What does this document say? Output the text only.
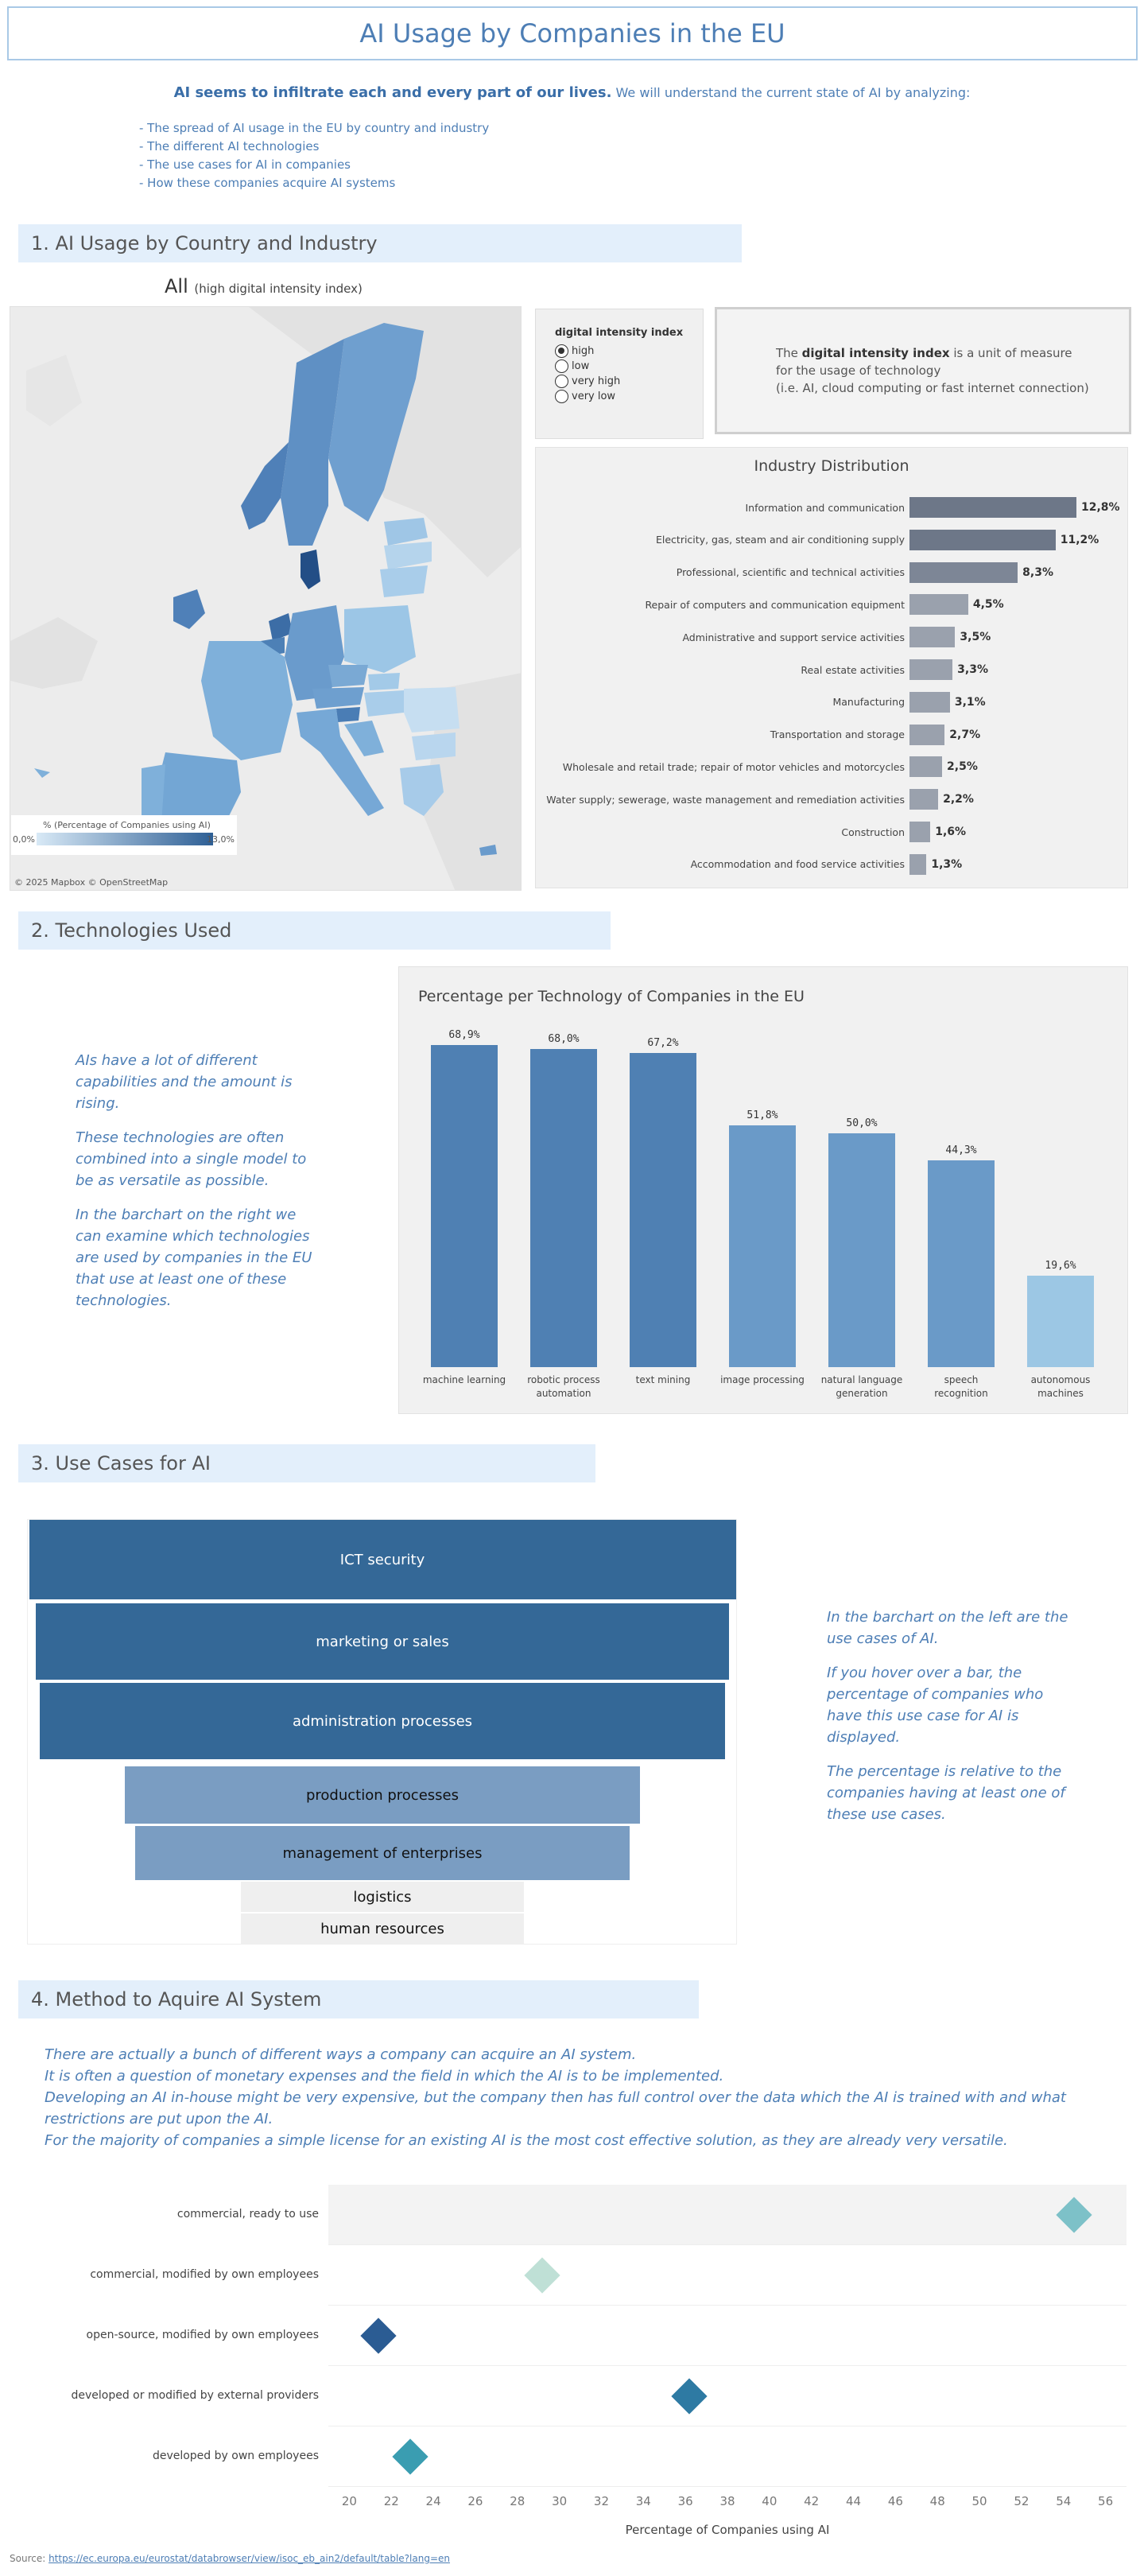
AI Usage by Companies in the EU
AI seems to infiltrate each and every part of our lives. We will understand the current state of AI by analyzing:
- The spread of AI usage in the EU by country and industry
- The different AI technologies
- The use cases for AI in companies
- How these companies acquire AI systems
1. AI Usage by Country and Industry
All (high digital intensity index)
% (Percentage of Companies using AI)
0,0%	13,0%
© 2025 Mapbox © OpenStreetMap
digital intensity index
high
low
very high
very low
The digital intensity index is a unit of measure
for the usage of technology
(i.e. AI, cloud computing or fast internet connection)
Industry Distribution
Information and communication	12,8%
Electricity, gas, steam and air conditioning supply	11,2%
Professional, scientific and technical activities	8,3%
Repair of computers and communication equipment	4,5%
Administrative and support service activities	3,5%
Real estate activities	3,3%
Manufacturing	3,1%
Transportation and storage	2,7%
Wholesale and retail trade; repair of motor vehicles and motorcycles	2,5%
Water supply; sewerage, waste management and remediation activities	2,2%
Construction	1,6%
Accommodation and food service activities	1,3%
2. Technologies Used

AIs have a lot of different capabilities and the amount is rising.

These technologies are often combined into a single model to be as versatile as possible.

In the barchart on the right we can examine which technologies are used by companies in the EU that use at least one of these technologies.

Percentage per Technology of Companies in the EU
68,9%
machine learning
68,0%
robotic process
automation
67,2%
text mining
51,8%
image processing
50,0%
natural language
generation
44,3%
speech recognition
19,6%
autonomous
machines
3. Use Cases for AI
ICT security
marketing or sales
administration processes
production processes
management of enterprises
logistics
human resources

In the barchart on the left are the use cases of AI.

If you hover over a bar, the percentage of companies who have this use case for AI is displayed.

The percentage is relative to the companies having at least one of these use cases.

4. Method to Aquire AI System
There are actually a bunch of different ways a company can acquire an AI system.
It is often a question of monetary expenses and the field in which the AI is to be implemented.
Developing an AI in-house might be very expensive, but the company then has full control over the data which the AI is trained with and what restrictions are put upon the AI.
For the majority of companies a simple license for an existing AI is the most cost effective solution, as they are already very versatile.
commercial, ready to use
commercial, modified by own employees
open-source, modified by own employees
developed or modified by external providers
developed by own employees
Percentage of Companies using AI
Source: https://ec.europa.eu/eurostat/databrowser/view/isoc_eb_ain2/default/table?lang=en
20	22	24	26	28	30	32	34	36	38	40	42	44	46	48	50	52	54	56
